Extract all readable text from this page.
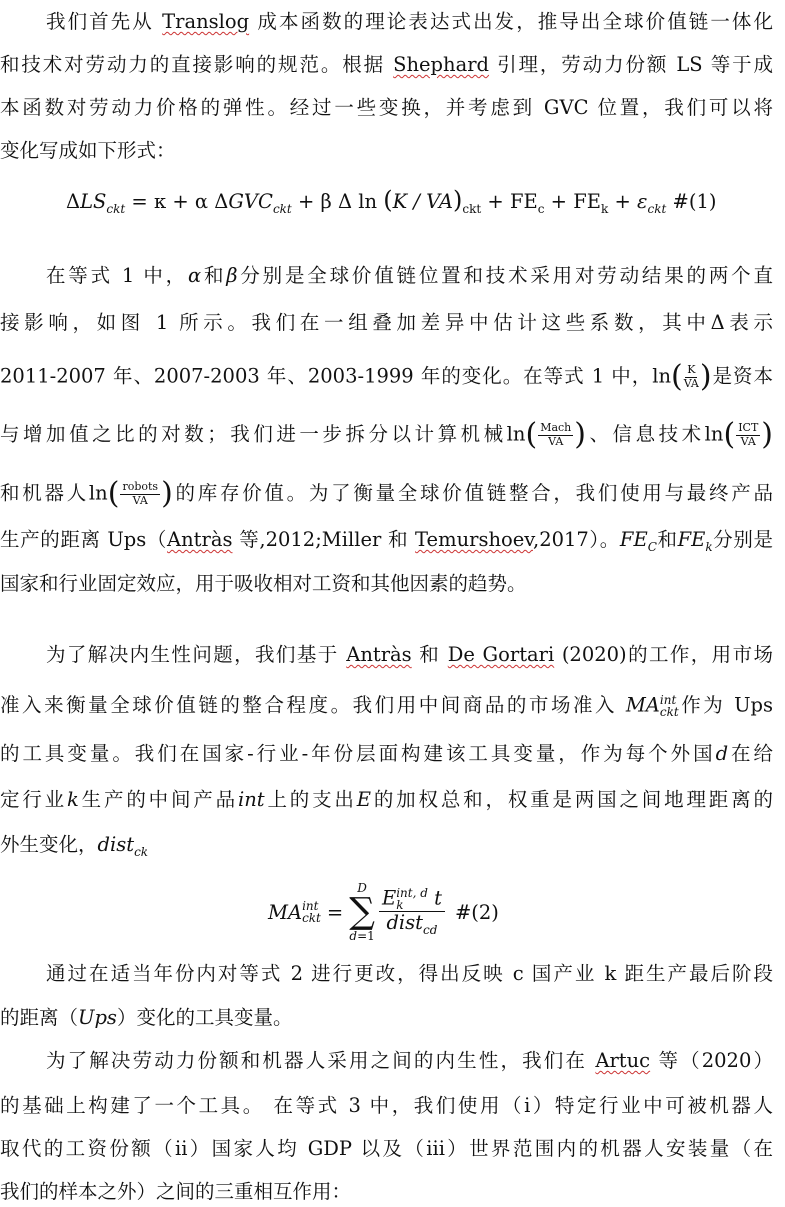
我们首先从 Translog 成本函数的理论表达式出发，推导出全球价值链一体化
和技术对劳动力的直接影响的规范。根据 Shephard 引理，劳动力份额 LS 等于成
本函数对劳动力价格的弹性。经过一些变换，并考虑到 GVC 位置，我们可以将
变化写成如下形式：
$\Delta LS_{ckt} = \kappa + \alpha$ $\Delta GVC_{ckt} + \beta$ Δ $\ln (K / VA)_{ckt} + FE_c + FE_k + \varepsilon_{ckt}$ #(1)
在等式 1 中，α和β分别是全球价值链位置和技术采用对劳动结果的两个直
接影响，如图 1 所示。我们在一组叠加差异中估计这些系数，其中Δ表示
2011-2007 年、2007-2003 年、2003-1999 年的变化。在等式 1 中，$\ln( \frac{K}{VA}$ )是资本
与增加值之比的对数；我们进一步拆分以计算机械$\ln( \frac{\text{Mach}}{VA}$ )、信息技术$\ln( \frac{\text{ICT}}{VA}$ )
和机器人$\ln( \frac{\text{robots}}{VA}$ )的库存价值。为了衡量全球价值链整合，我们使用与最终产品
生产的距离 Ups（Antràs 等,2012;Miller 和 Temurshoev,2017）。$FE_C$和$FE_k$分别是
国家和行业固定效应，用于吸收相对工资和其他因素的趋势。
为了解决内生性问题，我们基于 Antràs 和 De Gortari (2020)的工作，用市场
准入来衡量全球价值链的整合程度。我们用中间商品的市场准入 MA int
ckt 作为 Ups
的工具变量。我们在国家-行业-年份层面构建该工具变量，作为每个外国d在给
定行业k生产的中间产品int上的支出E的加权总和，权重是两国之间地理距离的
外生变化，dist$_{ck}$
MA int
ckt =
D
∑
d=1
E int, d
k	t
dist$_{cd}$
#(2)
通过在适当年份内对等式 2 进行更改，得出反映 c 国产业 k 距生产最后阶段
的距离（Ups）变化的工具变量。
为了解决劳动力份额和机器人采用之间的内生性，我们在 Artuc 等（2020）
的基础上构建了一个工具。 在等式 3 中，我们使用（i）特定行业中可被机器人
取代的工资份额（ii）国家人均 GDP 以及（iii）世界范围内的机器人安装量（在
我们的样本之外）之间的三重相互作用：
